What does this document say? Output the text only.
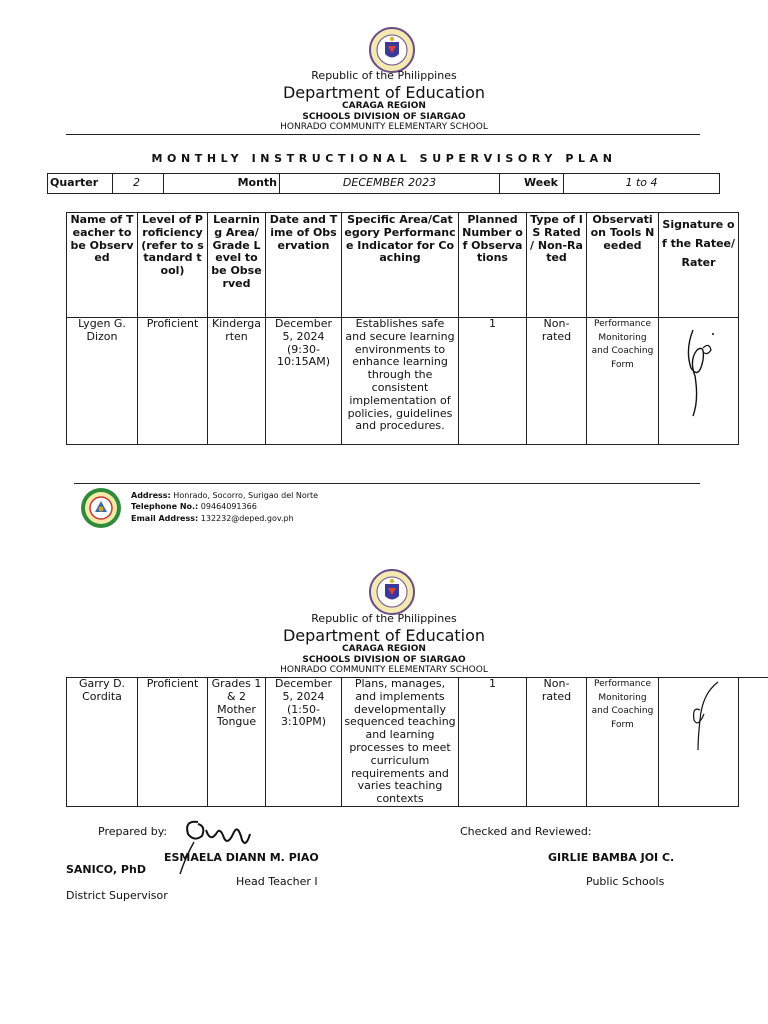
Republic of the Philippines
Department of Education
CARAGA REGION
SCHOOLS DIVISION OF SIARGAO
HONRADO COMMUNITY ELEMENTARY SCHOOL
MONTHLY INSTRUCTIONAL SUPERVISORY PLAN
Quarter	2	Month	DECEMBER 2023	Week	1 to 4
Name of Teacher to be Observed	Level of Proficiency (refer to standard tool)	Learning Area/Grade Level to be Observed	Date and Time of Observation	Specific Area/Category Performance Indicator for Coaching	Planned Number of Observations	Type of IS Rated / Non-Rated	Observation Tools Needed	Signature of the Ratee/Rater
Lygen G. Dizon	Proficient	Kindergarten	December 5, 2024 (9:30-10:15AM)	Establishes safe and secure learning environments to enhance learning through the consistent implementation of policies, guidelines and procedures.	1	Non-rated	Performance Monitoring and Coaching Form	
Address: Honrado, Socorro, Surigao del Norte
Telephone No.: 09464091366
Email Address: 132232@deped.gov.ph
Republic of the Philippines
Department of Education
CARAGA REGION
SCHOOLS DIVISION OF SIARGAO
HONRADO COMMUNITY ELEMENTARY SCHOOL
Garry D. Cordita	Proficient	Grades 1 & 2 Mother Tongue	December 5, 2024 (1:50-3:10PM)	Plans, manages, and implements developmentally sequenced teaching and learning processes to meet curriculum requirements and varies teaching contexts	1	Non-rated	Performance Monitoring and Coaching Form	
Prepared by:	Checked and Reviewed:
ESMAELA DIANN M. PIAO	GIRLIE BAMBA JOI C.
SANICO, PhD
Head Teacher I	Public Schools
District Supervisor
